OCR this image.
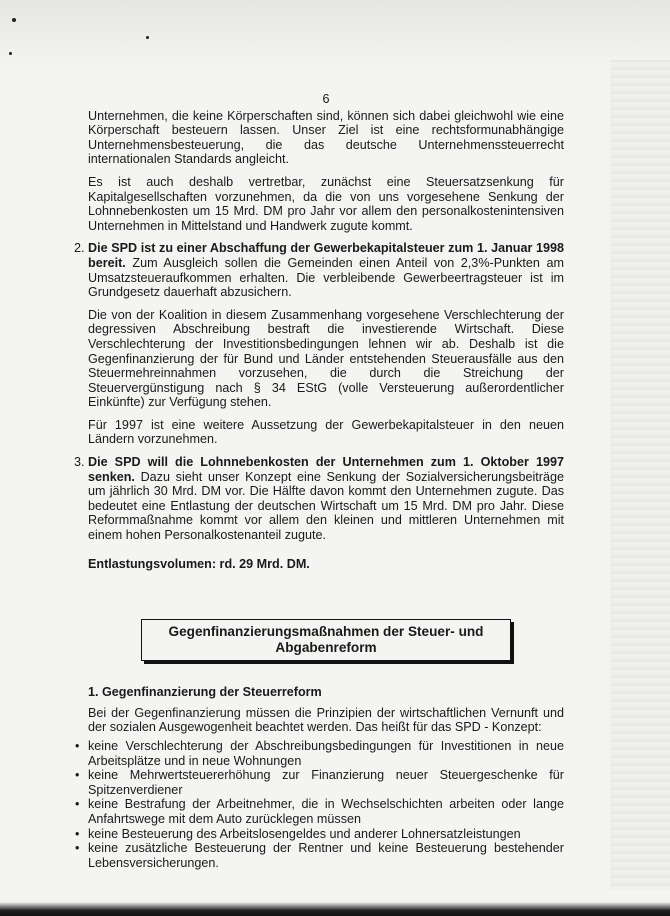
6

Unternehmen, die keine Körperschaften sind, können sich dabei gleichwohl wie eine Körperschaft besteuern lassen. Unser Ziel ist eine rechtsformunabhängige Unternehmensbesteuerung, die das deutsche Unternehmenssteuerrecht internationalen Standards angleicht.

Es ist auch deshalb vertretbar, zunächst eine Steuersatzsenkung für Kapitalgesellschaften vorzunehmen, da die von uns vorgesehene Senkung der Lohnnebenkosten um 15 Mrd. DM pro Jahr vor allem den personalkostenintensiven Unternehmen in Mittelstand und Handwerk zugute kommt.

2. Die SPD ist zu einer Abschaffung der Gewerbekapitalsteuer zum 1. Januar 1998 bereit. Zum Ausgleich sollen die Gemeinden einen Anteil von 2,3%-Punkten am Umsatzsteueraufkommen erhalten. Die verbleibende Gewerbeertragsteuer ist im Grundgesetz dauerhaft abzusichern.

Die von der Koalition in diesem Zusammenhang vorgesehene Verschlechterung der degressiven Abschreibung bestraft die investierende Wirtschaft. Diese Verschlechterung der Investitionsbedingungen lehnen wir ab. Deshalb ist die Gegenfinanzierung der für Bund und Länder entstehenden Steuerausfälle aus den Steuermehreinnahmen vorzusehen, die durch die Streichung der Steuervergünstigung nach § 34 EStG (volle Versteuerung außerordentlicher Einkünfte) zur Verfügung stehen.

Für 1997 ist eine weitere Aussetzung der Gewerbekapitalsteuer in den neuen Ländern vorzunehmen.

3. Die SPD will die Lohnnebenkosten der Unternehmen zum 1. Oktober 1997 senken. Dazu sieht unser Konzept eine Senkung der Sozialversicherungsbeiträge um jährlich 30 Mrd. DM vor. Die Hälfte davon kommt den Unternehmen zugute. Das bedeutet eine Entlastung der deutschen Wirtschaft um 15 Mrd. DM pro Jahr. Diese Reformmaßnahme kommt vor allem den kleinen und mittleren Unternehmen mit einem hohen Personalkostenanteil zugute.

Entlastungsvolumen: rd. 29 Mrd. DM.
Gegenfinanzierungsmaßnahmen der Steuer- und
Abgabenreform
1. Gegenfinanzierung der Steuerreform

Bei der Gegenfinanzierung müssen die Prinzipien der wirtschaftlichen Vernunft und der sozialen Ausgewogenheit beachtet werden. Das heißt für das SPD - Konzept:

• keine Verschlechterung der Abschreibungsbedingungen für Investitionen in neue Arbeitsplätze und in neue Wohnungen
• keine Mehrwertsteuererhöhung zur Finanzierung neuer Steuergeschenke für Spitzenverdiener
• keine Bestrafung der Arbeitnehmer, die in Wechselschichten arbeiten oder lange Anfahrtswege mit dem Auto zurücklegen müssen
• keine Besteuerung des Arbeitslosengeldes und anderer Lohnersatzleistungen
• keine zusätzliche Besteuerung der Rentner und keine Besteuerung bestehender Lebensversicherungen.
